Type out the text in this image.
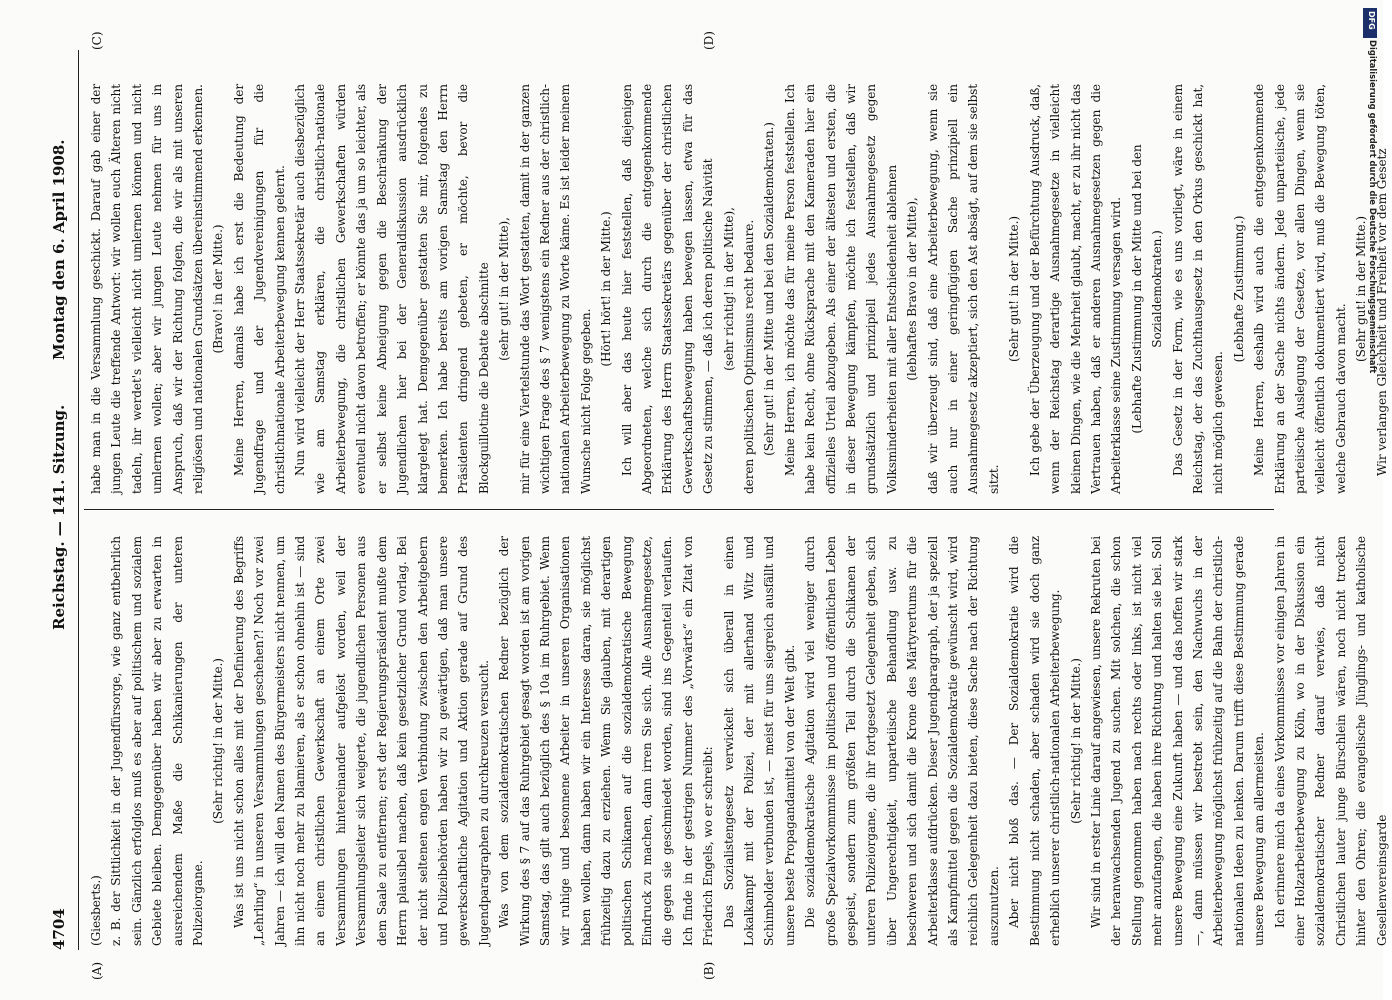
4704
Reichstag. — 141. Sitzung.
Montag den 6. April 1908.
(A)	(B)
(C)	(D)

(Giesberts.) z. B. der Sittlichkeit in der Jugendfürsorge, wie ganz entbehrlich sein. Gänzlich erfolglos muß es aber auf politischem und sozialem Gebiete bleiben. Demgegenüber haben wir aber zu erwarten in ausreichendem Maße die Schikanierungen der unteren Polizeiorgane.

(Sehr richtig! in der Mitte.) Was ist uns nicht schon alles mit der Definierung des Begriffs „Lehrling“ in unseren Versammlungen geschehen?! Noch vor zwei Jahren — ich will den Namen des Bürgermeisters nicht nennen, um ihn nicht noch mehr zu blamieren, als er schon ohnehin ist — sind an einem christlichen Gewerkschaft an einem Orte zwei Versammlungen hintereinander aufgelöst worden, weil der Versammlungsleiter sich weigerte, die jugendlichen Personen aus dem Saale zu entfernen; erst der Regierungspräsident mußte dem Herrn plausibel machen, daß kein gesetzlicher Grund vorlag. Bei der nicht seltenen engen Verbindung zwischen den Arbeitgebern und Polizeibehörden haben wir zu gewärtigen, daß man unsere gewerkschaftliche Agitation und Aktion gerade auf Grund des Jugendparagraphen zu durchkreuzen versucht. Was von dem sozialdemokratischen Redner bezüglich der Wirkung des § 7 auf das Ruhrgebiet gesagt worden ist am vorigen Samstag, das gilt auch bezüglich des § 10a im Ruhrgebiet. Wenn wir ruhige und besonnene Arbeiter in unseren Organisationen haben wollen, dann haben wir ein Interesse daran, sie möglichst frühzeitig dazu zu erziehen. Wenn Sie glauben, mit derartigen politischen Schikanen auf die sozialdemokratische Bewegung Eindruck zu machen, dann irren Sie sich. Alle Ausnahmegesetze, die gegen sie geschmiedet worden, sind ins Gegenteil verlaufen. Ich finde in der gestrigen Nummer des „Vorwärts“ ein Zitat von Friedrich Engels, wo er schreibt: Das Sozialistengesetz verwickelt sich überall in einen Lokalkampf mit der Polizei, der mit allerhand Witz und Schimbolder verbunden ist, — meist für uns siegreich ausfällt und unsere beste Propagandamittel von der Welt gibt. Die sozialdemokratische Agitation wird viel weniger durch große Spezialvorkommnisse im politischen und öffentlichen Leben gespeist, sondern zum größten Teil durch die Schikanen der unteren Polizeiorgane, die ihr fortgesetzt Gelegenheit geben, sich über Ungerechtigkeit, unparteiische Behandlung usw. zu beschweren und sich damit die Krone des Märtyrertums für die Arbeiterklasse aufdrücken. Dieser Jugendparagraph, der ja speziell als Kampfmittel gegen die Sozialdemokratie gewünscht wird, wird reichlich Gelegenheit dazu bieten, diese Sache nach der Richtung auszunutzen. Aber nicht bloß das. — Der Sozialdemokratie wird die Bestimmung nicht schaden, aber schaden wird sie doch ganz erheblich unserer christlich-nationalen Arbeiterbewegung. (Sehr richtig! in der Mitte.) Wir sind in erster Linie darauf angewiesen, unsere Rekruten bei der heranwachsenden Jugend zu suchen. Mit solchen, die schon Stellung genommen haben nach rechts oder links, ist nicht viel mehr anzufangen, die haben ihre Richtung und halten sie bei. Soll unsere Bewegung eine Zukunft haben — und das hoffen wir stark —, dann müssen wir bestrebt sein, den Nachwuchs in der Arbeiterbewegung möglichst frühzeitig auf die Bahn der christlich-nationalen Ideen zu lenken. Darum trifft diese Bestimmung gerade unsere Bewegung am allermeisten. Ich erinnere mich da eines Vorkommnisses vor einigen Jahren in einer Holzarbeiterbewegung zu Köln, wo in der Diskussion ein sozialdemokratischer Redner darauf verwies, daß nicht Christlichen lauter junge Bürschlein wären, noch nicht trocken hinter den Ohren; die evangelische Jünglings- und katholische Gesellenvereinsgarde

habe man in die Versammlung geschickt. Darauf gab einer der jungen Leute die treffende Antwort: wir wollen euch Älteren nicht tadeln, ihr werdet's vielleicht nicht umlernen können und nicht umlernen wollen; aber wir jungen Leute nehmen für uns in Anspruch, daß wir der Richtung folgen, die wir als mit unseren religiösen und nationalen Grundsätzen übereinstimmend erkennen. (Bravo! in der Mitte.) Meine Herren, damals habe ich erst die Bedeutung der Jugendfrage und der Jugendvereinigungen für die christlichnationale Arbeiterbewegung kennen gelernt. Nun wird vielleicht der Herr Staatssekretär auch diesbezüglich wie am Samstag erklären, die christlich-nationale Arbeiterbewegung, die christlichen Gewerkschaften würden eventuell nicht davon betroffen; er könnte das ja um so leichter, als er selbst keine Abneigung gegen die Beschränkung der Jugendlichen hier bei der Generaldiskussion ausdrücklich klargelegt hat. Demgegenüber gestatten Sie mir, folgendes zu bemerken. Ich habe bereits am vorigen Samstag den Herrn Präsidenten dringend gebeten, er möchte, bevor die Blockguillotine die Debatte abschnitte (sehr gut! in der Mitte), mir für eine Viertelstunde das Wort gestatten, damit in der ganzen wichtigen Frage des § 7 wenigstens ein Redner aus der christlich-nationalen Arbeiterbewegung zu Worte käme. Es ist leider meinem Wunsche nicht Folge gegeben.

(Hört! hört! in der Mitte.) Ich will aber das heute hier feststellen, daß diejenigen Abgeordneten, welche sich durch die entgegenkommende Erklärung des Herrn Staatssekretärs gegenüber der christlichen Gewerkschaftsbewegung haben bewegen lassen, etwa für das Gesetz zu stimmen, — daß ich deren politische Naivität (sehr richtig! in der Mitte), deren politischen Optimismus recht bedaure. (Sehr gut! in der Mitte und bei den Sozialdemokraten.) Meine Herren, ich möchte das für meine Person feststellen. Ich habe kein Recht, ohne Rücksprache mit den Kameraden hier ein offizielles Urteil abzugeben. Als einer der ältesten und ersten, die in dieser Bewegung kämpfen, möchte ich feststellen, daß wir grundsätzlich und prinzipiell jedes Ausnahmegesetz gegen Volksminderheiten mit aller Entschiedenheit ablehnen (lebhaftes Bravo in der Mitte), daß wir überzeugt sind, daß eine Arbeiterbewegung, wenn sie auch nur in einer geringfügigen Sache prinzipiell ein Ausnahmegesetz akzeptiert, sich den Ast absägt, auf dem sie selbst sitzt.

(Sehr gut! in der Mitte.) Ich gebe der Überzeugung und der Befürchtung Ausdruck, daß, wenn der Reichstag derartige Ausnahmegesetze in vielleicht kleinen Dingen, wie die Mehrheit glaubt, macht, er zu ihr nicht das Vertrauen haben, daß er anderen Ausnahmegesetzen gegen die Arbeiterklasse seine Zustimmung versagen wird. (Lebhafte Zustimmung in der Mitte und bei den Sozialdemokraten.) Das Gesetz in der Form, wie es uns vorliegt, wäre in einem Reichstag, der das Zuchthausgesetz in den Orkus geschickt hat, nicht möglich gewesen.

(Lebhafte Zustimmung.) Meine Herren, deshalb wird auch die entgegenkommende Erklärung an der Sache nichts ändern. Jede unparteiische, jede parteiische Auslegung der Gesetze, vor allen Dingen, wenn sie vielleicht öffentlich dokumentiert wird, muß die Bewegung töten, welche Gebrauch davon macht.

(Sehr gut! in der Mitte.) Wir verlangen Gleichheit und Freiheit vor dem Gesetz

DFG
Digitalisierung gefördert durch die Deutsche Forschungsgemeinschaft
